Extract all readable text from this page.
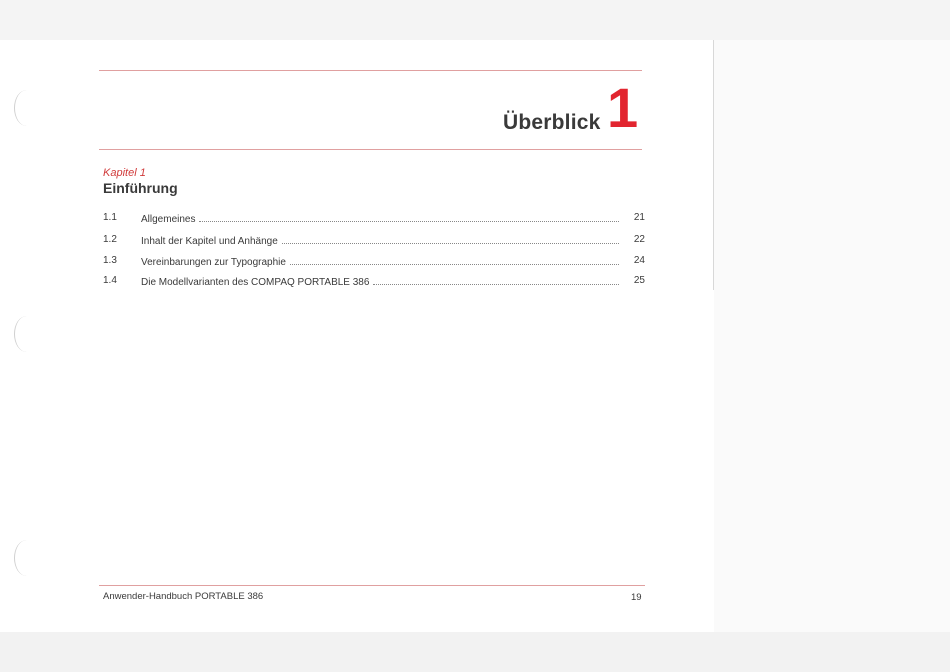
Überblick 1
Kapitel 1
Einführung
1.1 Allgemeines	21
1.2 Inhalt der Kapitel und Anhänge	22
1.3 Vereinbarungen zur Typographie	24
1.4 Die Modellvarianten des COMPAQ PORTABLE 386	25
Anwender-Handbuch PORTABLE 386	19
